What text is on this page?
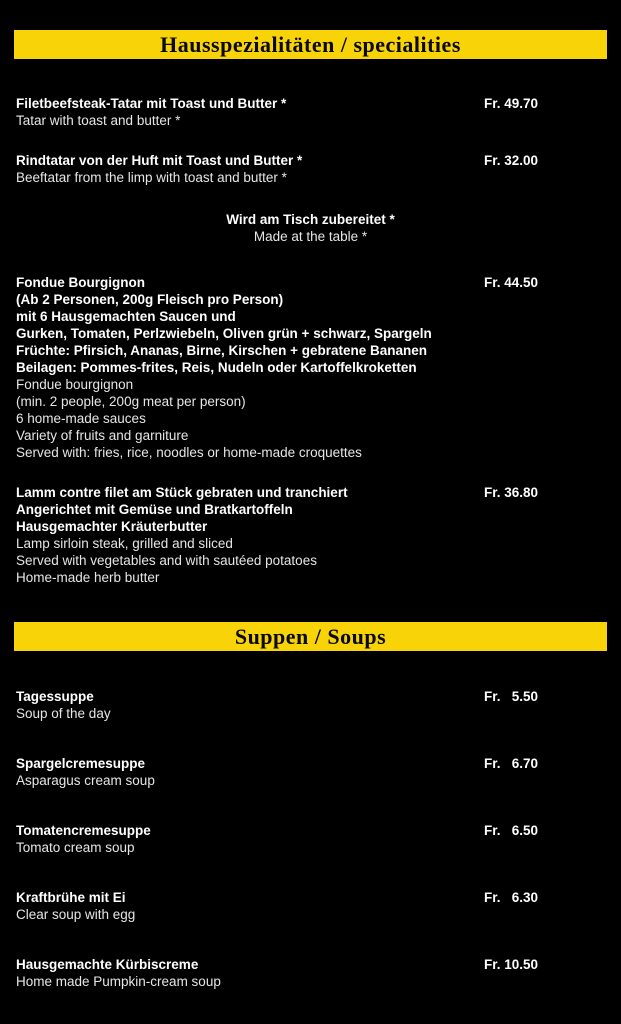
Hausspezialitäten / specialities
Filetbeefsteak-Tatar mit Toast und Butter *
Tatar with toast and butter *
Fr. 49.70
Rindtatar von der Huft mit Toast und Butter *
Beeftatar from the limp with toast and butter *
Fr. 32.00
Wird am Tisch zubereitet *
Made at the table *
Fondue Bourgignon
(Ab 2 Personen, 200g Fleisch pro Person)
mit 6 Hausgemachten Saucen und
Gurken, Tomaten, Perlzwiebeln, Oliven grün + schwarz, Spargeln
Früchte: Pfirsich, Ananas, Birne, Kirschen + gebratene Bananen
Beilagen: Pommes-frites, Reis, Nudeln oder Kartoffelkroketten
Fondue bourgignon
(min. 2 people, 200g meat per person)
6 home-made sauces
Variety of fruits and garniture
Served with: fries, rice, noodles or home-made croquettes
Fr. 44.50
Lamm contre filet am Stück gebraten und tranchiert
Angerichtet mit Gemüse und Bratkartoffeln
Hausgemachter Kräuterbutter
Lamp sirloin steak, grilled and sliced
Served with vegetables and with sautéed potatoes
Home-made herb butter
Fr. 36.80
Suppen / Soups
Tagessuppe
Soup of the day
Fr.   5.50
Spargelcremesuppe
Asparagus cream soup
Fr.   6.70
Tomatencremesuppe
Tomato cream soup
Fr.   6.50
Kraftbrühe mit Ei
Clear soup with egg
Fr.   6.30
Hausgemachte Kürbiscreme
Home made Pumpkin-cream soup
Fr. 10.50
